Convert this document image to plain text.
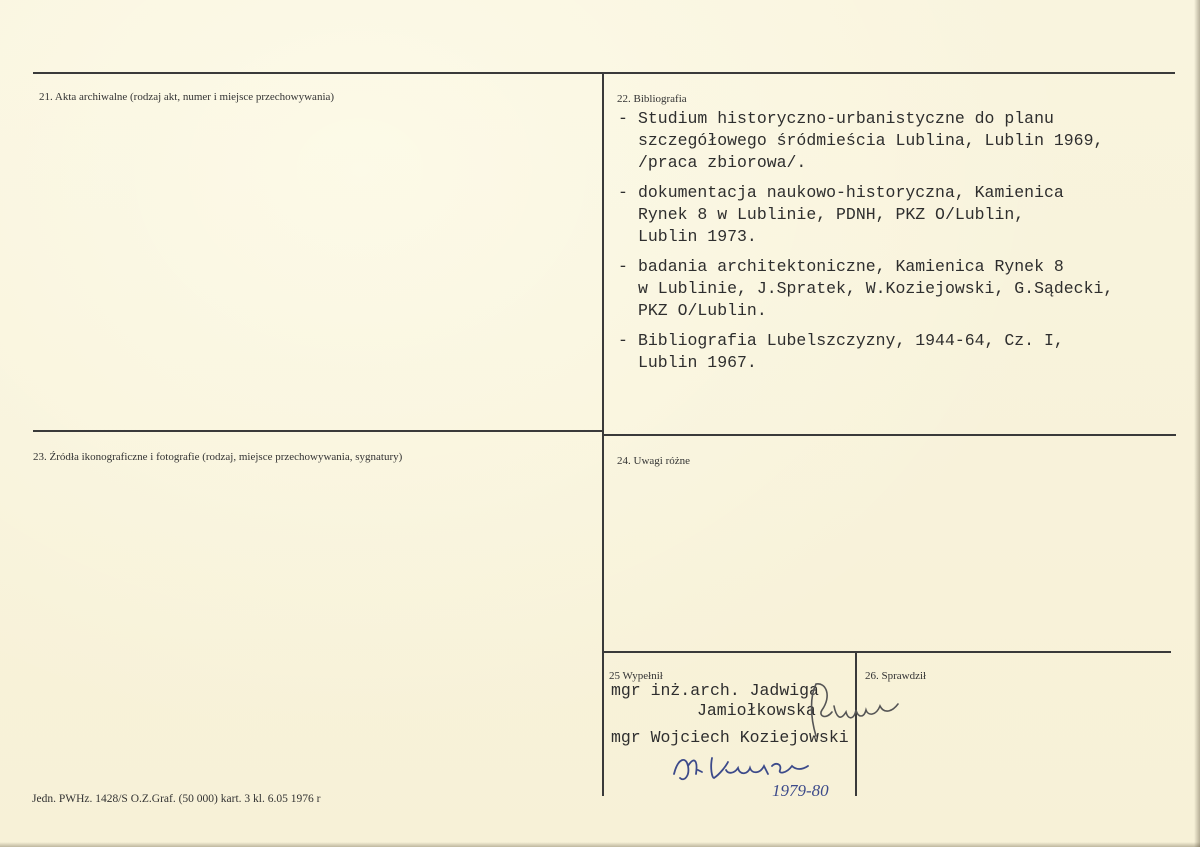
21. Akta archiwalne (rodzaj akt, numer i miejsce przechowywania)	22. Bibliografia
- Studium historyczno-urbanistyczne do planu
szczegółowego śródmieścia Lublina, Lublin 1969,
/praca zbiorowa/.
- dokumentacja naukowo-historyczna, Kamienica
Rynek 8 w Lublinie, PDNH, PKZ O/Lublin,
Lublin 1973.
- badania architektoniczne, Kamienica Rynek 8
w Lublinie, J.Spratek, W.Koziejowski, G.Sądecki,
PKZ O/Lublin.
- Bibliografia Lubelszczyzny, 1944-64, Cz. I,
Lublin 1967.
23. Źródła ikonograficzne i fotografie (rodzaj, miejsce przechowywania, sygnatury)	24. Uwagi różne
25 Wypełnił
mgr inż.arch. Jadwiga
Jamiołkowska
mgr Wojciech Koziejowski
1979-80
26. Sprawdził
Jedn. PWHz. 1428/S O.Z.Graf. (50 000) kart. 3 kl. 6.05 1976 r
